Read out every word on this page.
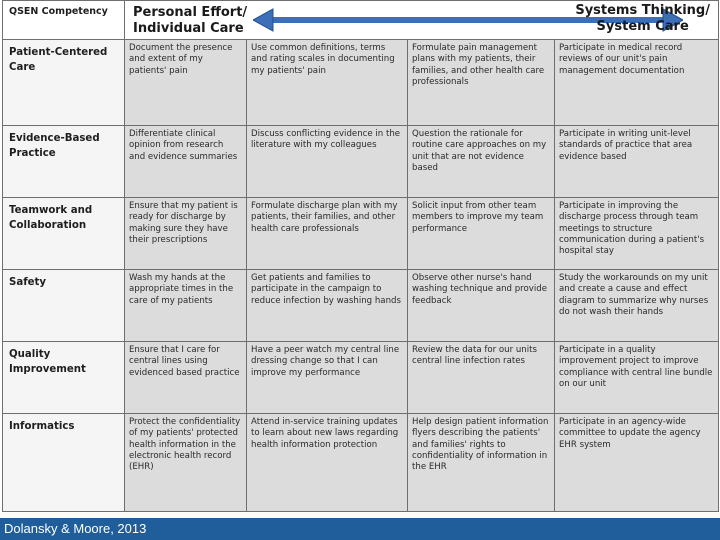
QSEN Competency	Personal Effort/
Individual Care
Systems Thinking/
System Care			

Patient-Centered Care	Document the presence and extent of my patients' pain	Use common definitions, terms and rating scales in documenting my patients' pain	Formulate pain management plans with my patients, their families, and other health care professionals	Participate in medical record reviews of our unit's pain management documentation
Evidence-Based Practice	Differentiate clinical opinion from research and evidence summaries	Discuss conflicting evidence in the literature with my colleagues	Question the rationale for routine care approaches on my unit that are not evidence based	Participate in writing unit-level standards of practice that area evidence based
Teamwork and Collaboration	Ensure that my patient is ready for discharge by making sure they have their prescriptions	Formulate discharge plan with my patients, their families, and other health care professionals	Solicit input from other team members to improve my team performance	Participate in improving the discharge process through team meetings to structure communication during a patient's hospital stay
Safety	Wash my hands at the appropriate times in the care of my patients	Get patients and families to participate in the campaign to reduce infection by washing hands	Observe other nurse's hand washing technique and provide feedback	Study the workarounds on my unit and create a cause and effect diagram to summarize why nurses do not wash their hands
Quality Improvement	Ensure that I care for central lines using evidenced based practice	Have a peer watch my central line dressing change so that I can improve my performance	Review the data for our units central line infection rates	Participate in a quality improvement project to improve compliance with central line bundle on our unit
Informatics	Protect the confidentiality of my patients' protected health information in the electronic health record (EHR)	Attend in-service training updates to learn about new laws regarding health information protection	Help design patient information flyers describing the patients' and families' rights to confidentiality of information in the EHR	Participate in an agency-wide committee to update the agency EHR system
Dolansky & Moore, 2013
